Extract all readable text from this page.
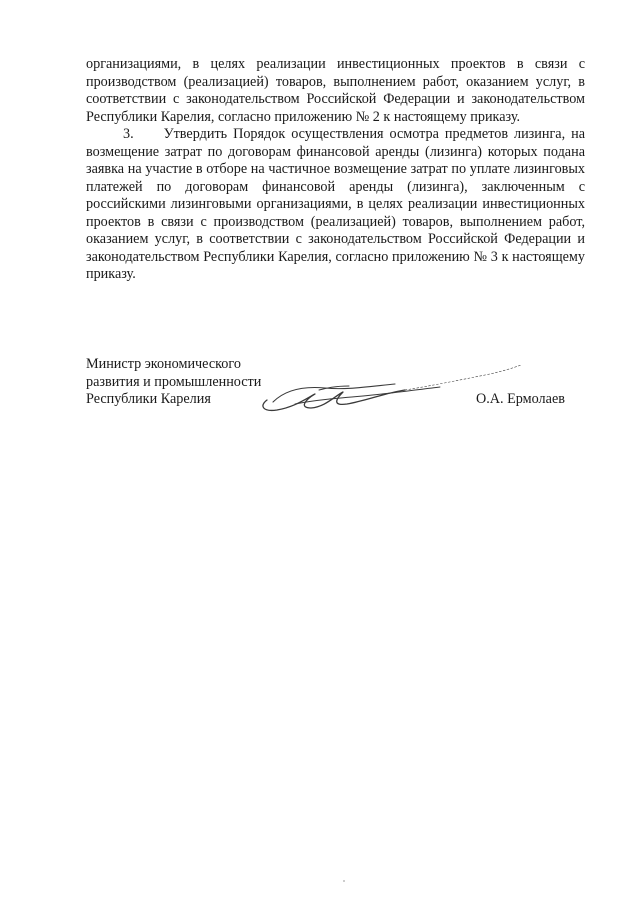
организациями, в целях реализации инвестиционных проектов в связи с производством (реализацией) товаров, выполнением работ, оказанием услуг, в соответствии с законодательством Российской Федерации и законодательством Республики Карелия, согласно приложению № 2 к настоящему приказу.

3. Утвердить Порядок осуществления осмотра предметов лизинга, на возмещение затрат по договорам финансовой аренды (лизинга) которых подана заявка на участие в отборе на частичное возмещение затрат по уплате лизинговых платежей по договорам финансовой аренды (лизинга), заключенным с российскими лизинговыми организациями, в целях реализации инвестиционных проектов в связи с производством (реализацией) товаров, выполнением работ, оказанием услуг, в соответствии с законодательством Российской Федерации и законодательством Республики Карелия, согласно приложению № 3 к настоящему приказу.

Министр экономического
развития и промышленности
Республики Карелия	О.А. Ермолаев
